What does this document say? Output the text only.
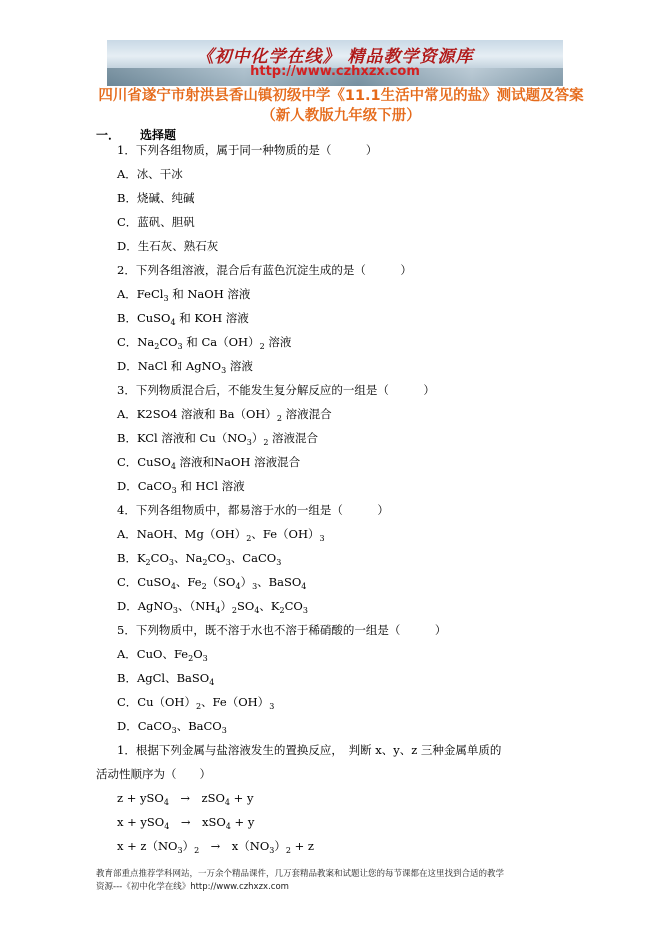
《初中化学在线》 精品教学资源库
http://www.czhxzx.com
四川省遂宁市射洪县香山镇初级中学《11.1生活中常见的盐》测试题及答案（新人教版九年级下册）
一． 选择题
1．下列各组物质，属于同一种物质的是（　　　）
A．冰、干冰
B．烧碱、纯碱
C．蓝矾、胆矾
D．生石灰、熟石灰
2．下列各组溶液，混合后有蓝色沉淀生成的是（　　　）
A．FeCl$_3$ 和 NaOH 溶液
B．CuSO$_4$ 和 KOH 溶液
C．$Na_2CO_3$ 和 $Ca(OH)_2$ 溶液
D．NaCl 和 AgNO$_3$ 溶液
3．下列物质混合后，不能发生复分解反应的一组是（　　　）
A．K2SO4 溶液和 $Ba(OH)_2$ 溶液混合
B．KCl 溶液和 $Cu(NO_3)_2$ 溶液混合
C．CuSO$_4$ 溶液和NaOH 溶液混合
D．CaCO$_3$ 和 HCl 溶液
4．下列各组物质中，都易溶于水的一组是（　　　）
A．NaOH、$Mg(OH)_2$、$Fe(OH)_3$
B．$K_2CO_3$、$Na_2CO_3$、CaCO$_3$
C．CuSO$_4$、$Fe_2(SO_4)_3$、BaSO$_4$
D．AgNO$_3$、$(NH_4)_2SO_4$、$K_2CO_3$
5．下列物质中，既不溶于水也不溶于稀硝酸的一组是（　　　）
A．CuO、$Fe_2O_3$
B．AgCl、BaSO$_4$
C．$Cu(OH)_2$、$Fe(OH)_3$
D．CaCO$_3$、BaCO$_3$
1．根据下列金属与盐溶液发生的置换反应，　判断 x、y、z 三种金属单质的
活动性顺序为（　　）
z + ySO$_4$　→　zSO$_4$ + y
x + ySO$_4$　→　xSO$_4$ + y
$x + z(NO_3)_2$　→　$x(NO_3)_2 + z$
教育部重点推荐学科网站，一万余个精品课件，几万套精品教案和试题让您的每节课都在这里找到合适的教学
资源---《初中化学在线》http://www.czhxzx.com
